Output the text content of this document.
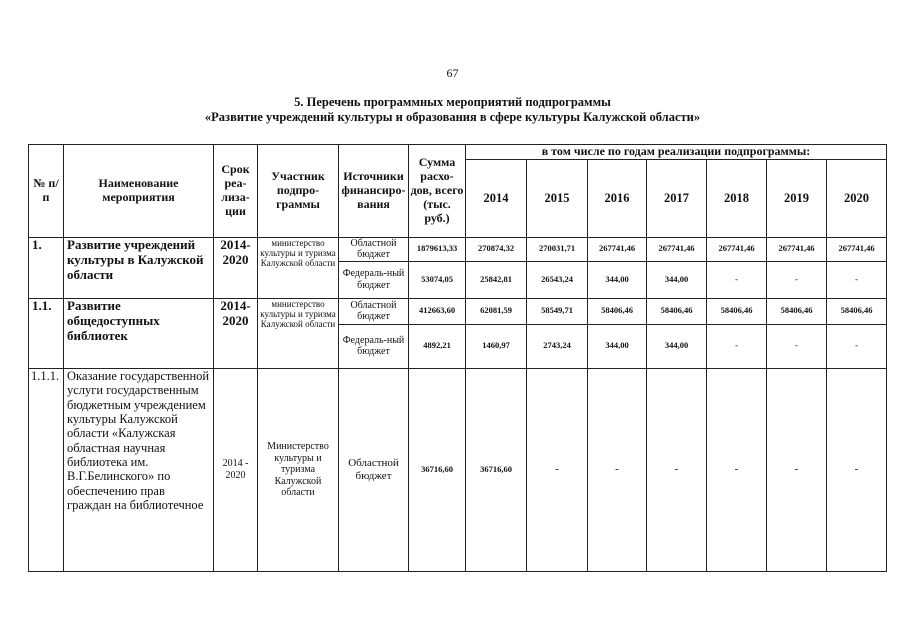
67
5. Перечень программных мероприятий подпрограммы
«Развитие учреждений культуры и образования в сфере культуры Калужской области»
№ п/п	Наименование мероприятия	Срок реа-лиза-ции	Участник подпро-граммы	Источники финансиро-вания	Сумма расхо-дов, всего (тыс. руб.)	в том числе по годам реализации подпрограммы:						
						2014	2015	2016	2017	2018	2019	2020
1.	Развитие учреждений культуры в Калужской области	2014-2020	министерство культуры и туризма Калужской области	Областной бюджет	1879613,33	270874,32	270031,71	267741,46	267741,46	267741,46	267741,46	267741,46
				Федераль-ный бюджет	53074,05	25842,81	26543,24	344,00	344,00	-	-	-
1.1.	Развитие общедоступных библиотек	2014-2020	министерство культуры и туризма Калужской области	Областной бюджет	412663,60	62081,59	58549,71	58406,46	58406,46	58406,46	58406,46	58406,46
				Федераль-ный бюджет	4892,21	1460,97	2743,24	344,00	344,00	-	-	-
1.1.1.	Оказание государственной услуги государственным бюджетным учреждением культуры Калужской области «Калужская областная научная библиотека им. В.Г.Белинского» по обеспечению прав граждан на библиотечное	2014 - 2020	Министерство культуры и туризма Калужской области	Областной бюджет	36716,60	36716,60	-	-	-	-	-	-
